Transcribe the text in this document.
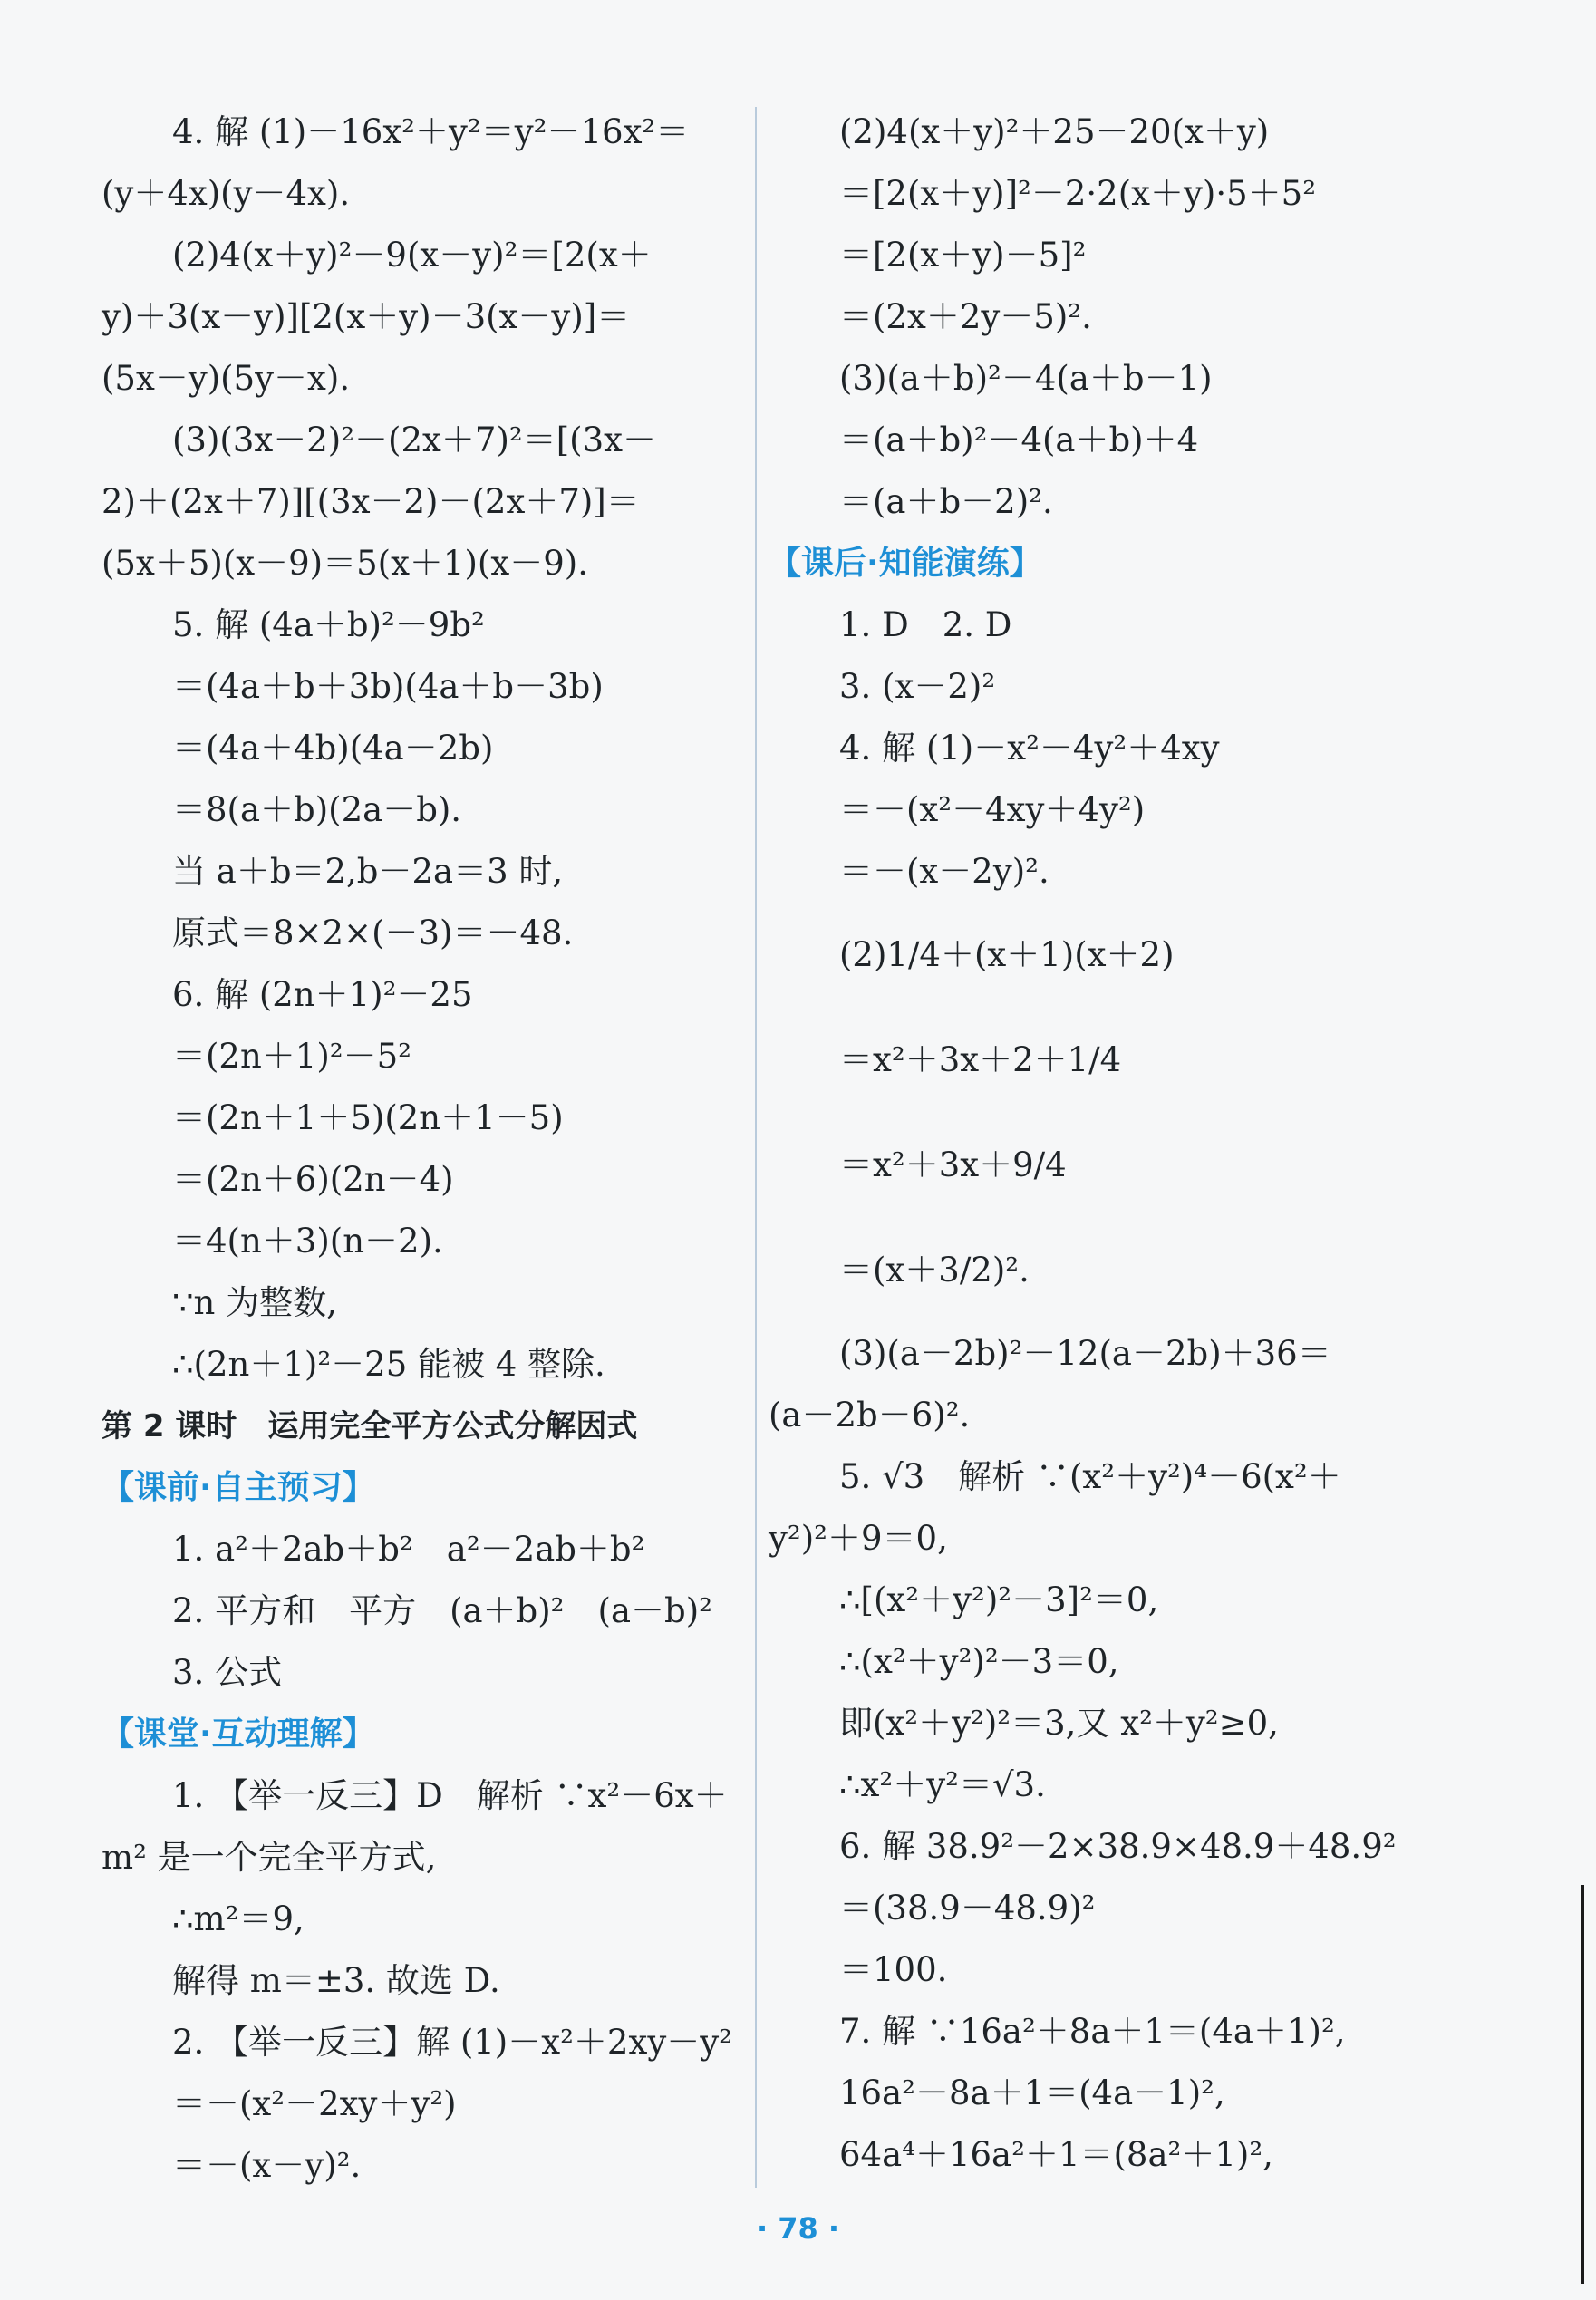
4. 解 (1)－16x²＋y²＝y²－16x²＝
(y＋4x)(y－4x).
(2)4(x＋y)²－9(x－y)²＝[2(x＋
y)＋3(x－y)][2(x＋y)－3(x－y)]＝
(5x－y)(5y－x).
(3)(3x－2)²－(2x＋7)²＝[(3x－
2)＋(2x＋7)][(3x－2)－(2x＋7)]＝
(5x＋5)(x－9)＝5(x＋1)(x－9).
5. 解 (4a＋b)²－9b²
＝(4a＋b＋3b)(4a＋b－3b)
＝(4a＋4b)(4a－2b)
＝8(a＋b)(2a－b).
当 a＋b＝2,b－2a＝3 时,
原式＝8×2×(－3)＝－48.
6. 解 (2n＋1)²－25
＝(2n＋1)²－5²
＝(2n＋1＋5)(2n＋1－5)
＝(2n＋6)(2n－4)
＝4(n＋3)(n－2).
∵n 为整数,
∴(2n＋1)²－25 能被 4 整除.
第 2 课时　运用完全平方公式分解因式
【课前·自主预习】
1. a²＋2ab＋b²　a²－2ab＋b²
2. 平方和　平方　(a＋b)²　(a－b)²
3. 公式
【课堂·互动理解】
1. 【举一反三】D　解析 ∵x²－6x＋
m² 是一个完全平方式,
∴m²＝9,
解得 m＝±3. 故选 D.
2. 【举一反三】解 (1)－x²＋2xy－y²
＝－(x²－2xy＋y²)
＝－(x－y)².
(2)4(x＋y)²＋25－20(x＋y)
＝[2(x＋y)]²－2·2(x＋y)·5＋5²
＝[2(x＋y)－5]²
＝(2x＋2y－5)².
(3)(a＋b)²－4(a＋b－1)
＝(a＋b)²－4(a＋b)＋4
＝(a＋b－2)².
【课后·知能演练】
1. D　2. D
3. (x－2)²
4. 解 (1)－x²－4y²＋4xy
＝－(x²－4xy＋4y²)
＝－(x－2y)².
(2)1/4＋(x＋1)(x＋2)
＝x²＋3x＋2＋1/4
＝x²＋3x＋9/4
＝(x＋3/2)².
(3)(a－2b)²－12(a－2b)＋36＝
(a－2b－6)².
5. √3　解析 ∵(x²＋y²)⁴－6(x²＋
y²)²＋9＝0,
∴[(x²＋y²)²－3]²＝0,
∴(x²＋y²)²－3＝0,
即(x²＋y²)²＝3,又 x²＋y²≥0,
∴x²＋y²＝√3.
6. 解 38.9²－2×38.9×48.9＋48.9²
＝(38.9－48.9)²
＝100.
7. 解 ∵16a²＋8a＋1＝(4a＋1)²,
16a²－8a＋1＝(4a－1)²,
64a⁴＋16a²＋1＝(8a²＋1)²,
· 78 ·
